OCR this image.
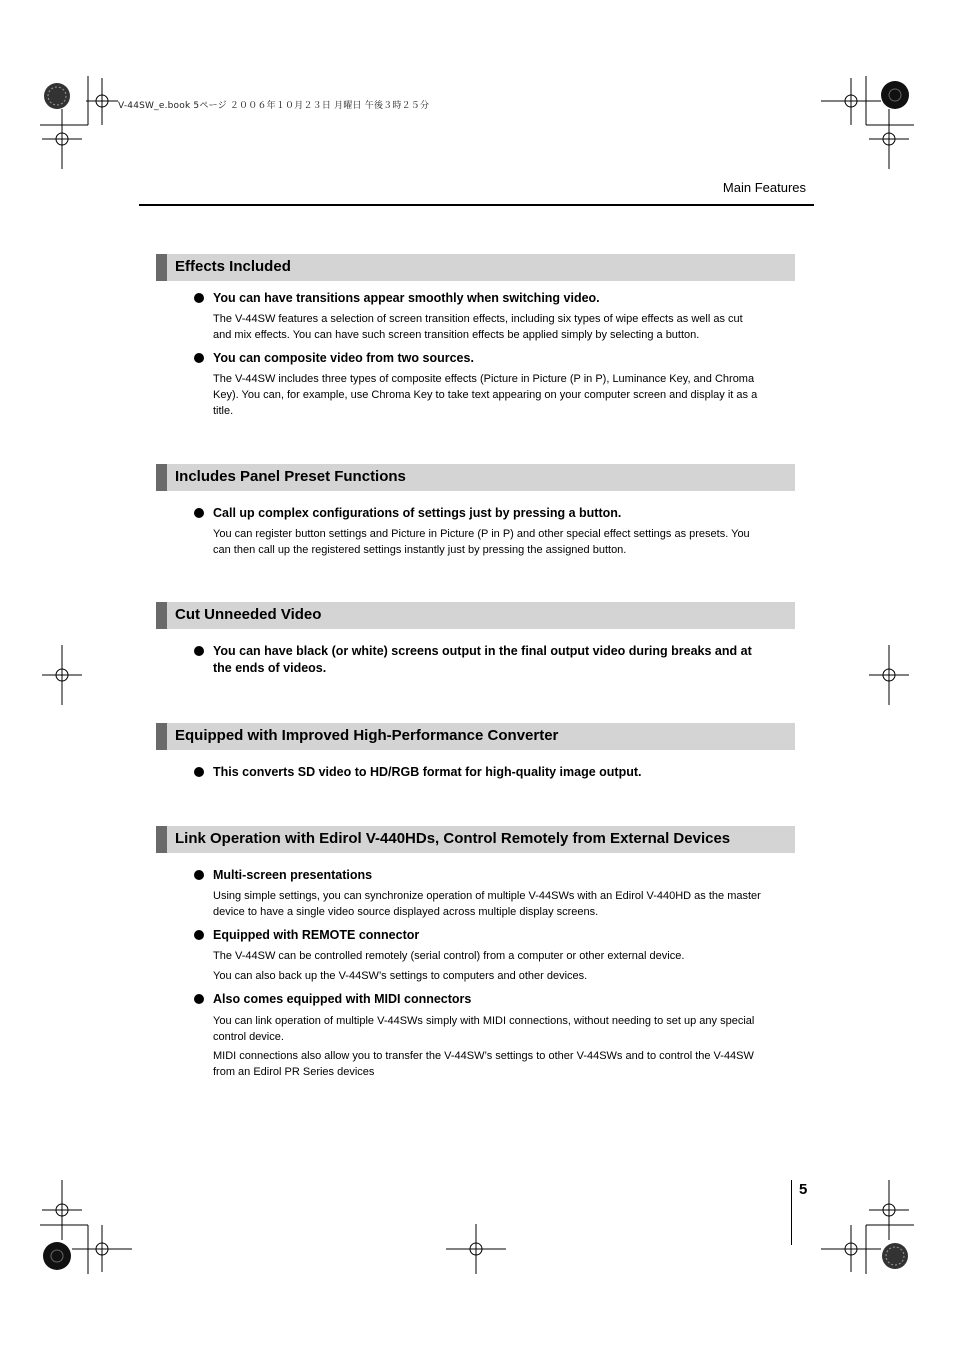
V-44SW_e.book 5ページ ２００６年１０月２３日 月曜日 午後３時２５分
Main Features
Effects Included
You can have transitions appear smoothly when switching video.
The V-44SW features a selection of screen transition effects, including six types of wipe effects as well as cut and mix effects. You can have such screen transition effects be applied simply by selecting a button.
You can composite video from two sources.
The V-44SW includes three types of composite effects (Picture in Picture (P in P), Luminance Key, and Chroma Key). You can, for example, use Chroma Key to take text appearing on your computer screen and display it as a title.
Includes Panel Preset Functions
Call up complex configurations of settings just by pressing a button.
You can register button settings and Picture in Picture (P in P) and other special effect settings as presets. You can then call up the registered settings instantly just by pressing the assigned button.
Cut Unneeded Video
You can have black (or white) screens output in the final output video during breaks and at the ends of videos.
Equipped with Improved High-Performance Converter
This converts SD video to HD/RGB format for high-quality image output.
Link Operation with Edirol V-440HDs, Control Remotely from External Devices
Multi-screen presentations
Using simple settings, you can synchronize operation of multiple V-44SWs with an Edirol V-440HD as the master device to have a single video source displayed across multiple display screens.
Equipped with REMOTE connector
The V-44SW can be controlled remotely (serial control) from a computer or other external device.
You can also back up the V-44SW’s settings to computers and other devices.
Also comes equipped with MIDI connectors
You can link operation of multiple V-44SWs simply with MIDI connections, without needing to set up any special control device.
MIDI connections also allow you to transfer the V-44SW’s settings to other V-44SWs and to control the V-44SW from an Edirol PR Series devices
5
